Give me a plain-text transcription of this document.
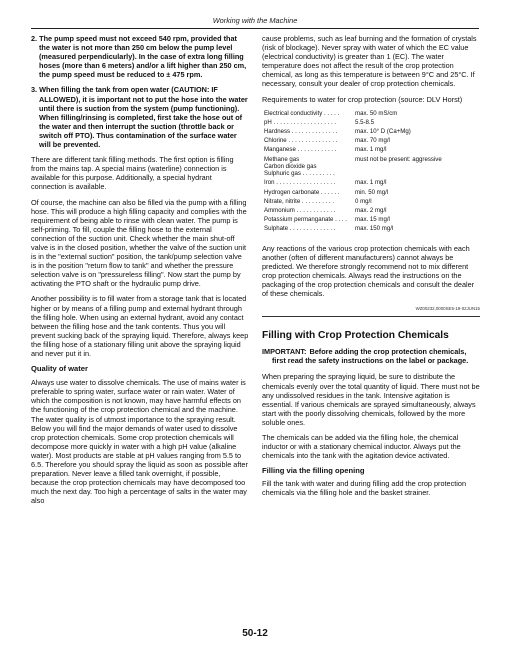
Working with the Machine
2. The pump speed must not exceed 540 rpm, provided that the water is not more than 250 cm below the pump level (measured perpendicularly). In the case of extra long filling hoses (more than 6 meters) and/or a lift higher than 250 cm, the pump speed must be reduced to ± 475 rpm.
3. When filling the tank from open water (CAUTION: IF ALLOWED), it is important not to put the hose into the water until there is suction from the system (pump functioning). When filling/rinsing is completed, first take the hose out of the water and then interrupt the suction (throttle back or switch off PTO). Thus contamination of the surface water will be prevented.

There are different tank filling methods. The first option is filling from the mains tap. A special mains (waterline) connection is available for this purpose. Additionally, a special hydrant connection is available.

Of course, the machine can also be filled via the pump with a filling hose. This will produce a high filling capacity and complies with the requirement of being able to rinse with clean water. The pump is self-priming. To fill, couple the filling hose to the external connection of the suction unit. Check whether the main shut-off valve is in the closed position, whether the valve of the suction unit is in the "external suction" position, the tank/pump selection valve is in the position "return flow to tank" and whether the pressure selection valve is on "pressureless filling". Now start the pump by activating the PTO shaft or the hydraulic pump drive.

Another possibility is to fill water from a storage tank that is located higher or by means of a filling pump and external hydrant through the filling hole. When using an external hydrant, avoid any contact between the filling hose and the tank contents. Thus you will prevent sucking back of the spraying liquid. Therefore, always keep the filling hose of a stationary filling unit above the spraying liquid and never put it in.

Quality of water

Always use water to dissolve chemicals. The use of mains water is preferable to spring water, surface water or rain water. Water of which the composition is not known, may have harmful effects on the functioning of the crop protection chemical and the machine. The water quality is of utmost importance to the spraying result. Below you will find the major demands of water used to dissolve crop protection chemicals. Some crop protection chemicals will decompose more quickly in water with a high pH value (alkaline water). Most products are stable at pH values ranging from 5.5 to 6.5. Therefore you should spray the liquid as soon as possible after preparation. Never leave a filled tank overnight, if possible, because the crop protection chemicals may have decomposed too much the next day. Too high a percentage of salts in the water may also

cause problems, such as leaf burning and the formation of crystals (risk of blockage). Never spray with water of which the EC value (electrical conductivity) is greater than 1 (EC). The water temperature does not affect the result of the crop protection chemical, as long as this temperature is between 9°C and 25°C. If necessary, consult your dealer of crop protection chemicals.

Requirements to water for crop protection (source: DLV Horst)

Electrical conductivity . . . . .	max. 50 mS/cm
pH . . . . . . . . . . . . . . . . . . .	5.5-8.5
Hardness . . . . . . . . . . . . . .	max. 10° D (Ca+Mg)
Chlorine . . . . . . . . . . . . . . .	max. 70 mg/l
Manganese . . . . . . . . . . . .	max. 1 mg/l
Methane gas
Carbon dioxide gas
Sulphuric gas . . . . . . . . . .	must not be present: aggressive
Iron . . . . . . . . . . . . . . . . . .	max. 1 mg/l
Hydrogen carbonate . . . . . .	min. 50 mg/l
Nitrate, nitrite . . . . . . . . . .	0 mg/l
Ammonium . . . . . . . . . . . .	max. 2 mg/l
Potassium permanganate . . . .	max. 15 mg/l
Sulphate . . . . . . . . . . . . . .	max. 150 mg/l

Any reactions of the various crop protection chemicals with each another (often of different manufacturers) cannot always be predicted. We therefore strongly recommend not to mix different crop protection chemicals. Always read the instructions on the packaging of the crop protection chemicals and consult the dealer of these chemicals.

WZ00232,0000SE5-19-02JUN15
Filling with Crop Protection Chemicals
IMPORTANT: Before adding the crop protection chemicals, first read the safety instructions on the label or package.

When preparing the spraying liquid, be sure to distribute the chemicals evenly over the total quantity of liquid. There must not be any undissolved residues in the tank. Intensive agitation is essential. If various chemicals are sprayed simultaneously, always start with the poorly dissolving chemicals, followed by the more soluble ones.

The chemicals can be added via the filling hole, the chemical inductor or with a stationary chemical inductor. Always put the chemicals into the tank with the agitation device activated.

Filling via the filling opening

Fill the tank with water and during filling add the crop protection chemicals via the filling hole and the basket strainer.

50-12
